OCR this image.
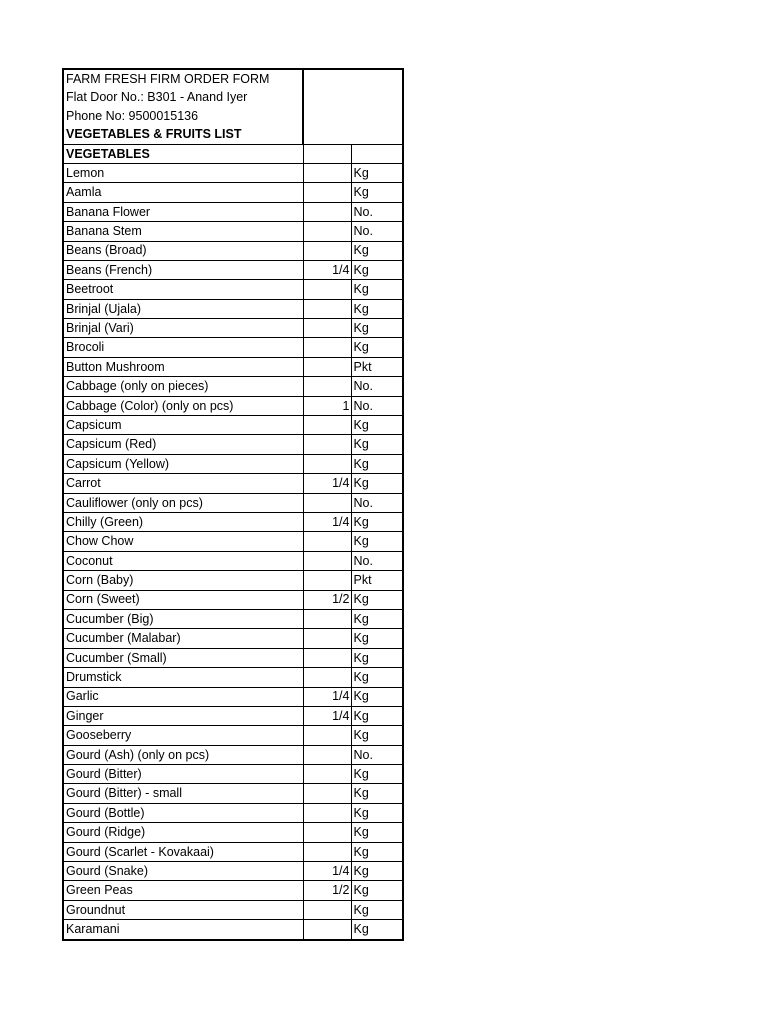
FARM FRESH FIRM ORDER FORM		
Flat Door No.: B301 - Anand Iyer		
Phone No: 9500015136		
VEGETABLES & FRUITS LIST		
VEGETABLES		
Lemon		Kg
Aamla		Kg
Banana Flower		No.
Banana Stem		No.
Beans (Broad)		Kg
Beans (French)	1/4	Kg
Beetroot		Kg
Brinjal (Ujala)		Kg
Brinjal (Vari)		Kg
Brocoli		Kg
Button Mushroom		Pkt
Cabbage (only on pieces)		No.
Cabbage (Color) (only on pcs)	1	No.
Capsicum		Kg
Capsicum (Red)		Kg
Capsicum (Yellow)		Kg
Carrot	1/4	Kg
Cauliflower (only on pcs)		No.
Chilly (Green)	1/4	Kg
Chow Chow		Kg
Coconut		No.
Corn (Baby)		Pkt
Corn (Sweet)	1/2	Kg
Cucumber (Big)		Kg
Cucumber (Malabar)		Kg
Cucumber (Small)		Kg
Drumstick		Kg
Garlic	1/4	Kg
Ginger	1/4	Kg
Gooseberry		Kg
Gourd (Ash) (only on pcs)		No.
Gourd (Bitter)		Kg
Gourd (Bitter) - small		Kg
Gourd (Bottle)		Kg
Gourd (Ridge)		Kg
Gourd (Scarlet - Kovakaai)		Kg
Gourd (Snake)	1/4	Kg
Green Peas	1/2	Kg
Groundnut		Kg
Karamani		Kg
